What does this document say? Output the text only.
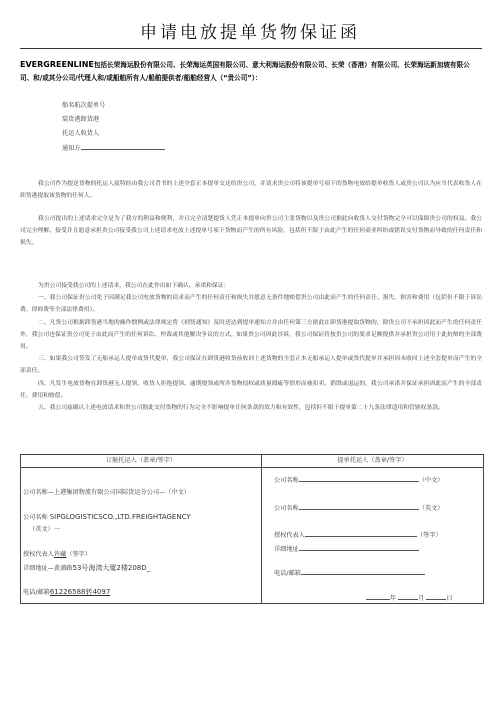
申请电放提单货物保证函
EVERGREENLINE包括长荣海运股份有限公司、长荣海运英国有限公司、意大利海运股份有限公司、长荣（香港）有限公司、长荣海运新加坡有限公司、和/或其分公司/代理人和/或船舶所有人/船舶提供者/船舶经营人（“贵公司”）：
船名航次提单号
装货港卸货港
托运人收货人
通知方

我公司作为提送货物的托运人兹特经由我公司背书的上述全套正本提单交还给贵公司，并请求贵公司将该提单号项下的货物电放给提单收货人或贵公司认为应当代表收货人在卸货港提取该货物的任何人。

我公司提出的上述请求完全是为了我方的利益和便利，并且完全清楚提货人凭正本提单向贵公司主张货物以及贵公司据此向收货人交付货物完全可以保障贵公司的权益。我公司完全理解、接受并且愿意承担贵公司接受我公司上述请求电放上述提单号项下货物而产生的所有风险，包括但不限于由此产生的任何商业纠纷或错误交付货物而导致的任何责任和损失。

为贵公司接受我公司的上述请求，我公司在此作出如下确认、承诺和保证：

一、我公司保证贵公司免于因满足我公司电放货物的请求而产生的任何责任和损失并愿意无条件地赔偿贵公司由此而产生的任何责任、损失、损害和费用（包括但不限于诉讼费、律师费等全部法律费用）。

二、凡货公司根据卸货港当地的操作惯例或法律规定将《到货通知》及时送达到提单通知方并由任何第三方据此在卸货港提取货物的，除贵公司不承担因此而产生的任何责任外，我公司也保证贵公司免于由此而产生的任何诉讼、仲裁或其他解决争议的方式。如果贵公司因此涉诉，我公司保证将按贵公司的要求足额提供并承担贵公司用于此抗辩的全部费用。

三、如果我公司签发了无船承运人提单或货代提单，我公司保证在卸货港收货前收回上述货物的全套正本无船承运人提单或货代提单并承担因未收回上述全套提单而产生的全部责任。

四、凡发生电放货物在卸货港无人提领、收货人拒绝提领、逾期提领或所涉货物侵权或质量瑕疵等情形而被扣卖、销毁或退运的，我公司承诺并保证承担因此而产生的全部责任、费用和赔偿。

五、我公司兹确认上述电放请求和贵公司据此交付货物的行为完全不影响提单任何条款的效力和有效性，包括但不限于提单第二十九条法律适用和管辖权条款。

订舱托运人（盖章/签字）
公司名称—上港集团物流有限公司国际货运分公司—（中文）
公司名称 SIPGLOGISTICSCO.,LTD.FREIGHTAGENCY
（英文）一
授权代表人许藏（签字）
详细地址—黄浦路53号海湾大厦2楼208D_
电话/邮箱61226588转4097
提单托运人（盖章/签字）
公司名称	（中文）
公司名称	（英文）
授权代表人	（签字）
详细地址
电话/邮箱
年	月	日
